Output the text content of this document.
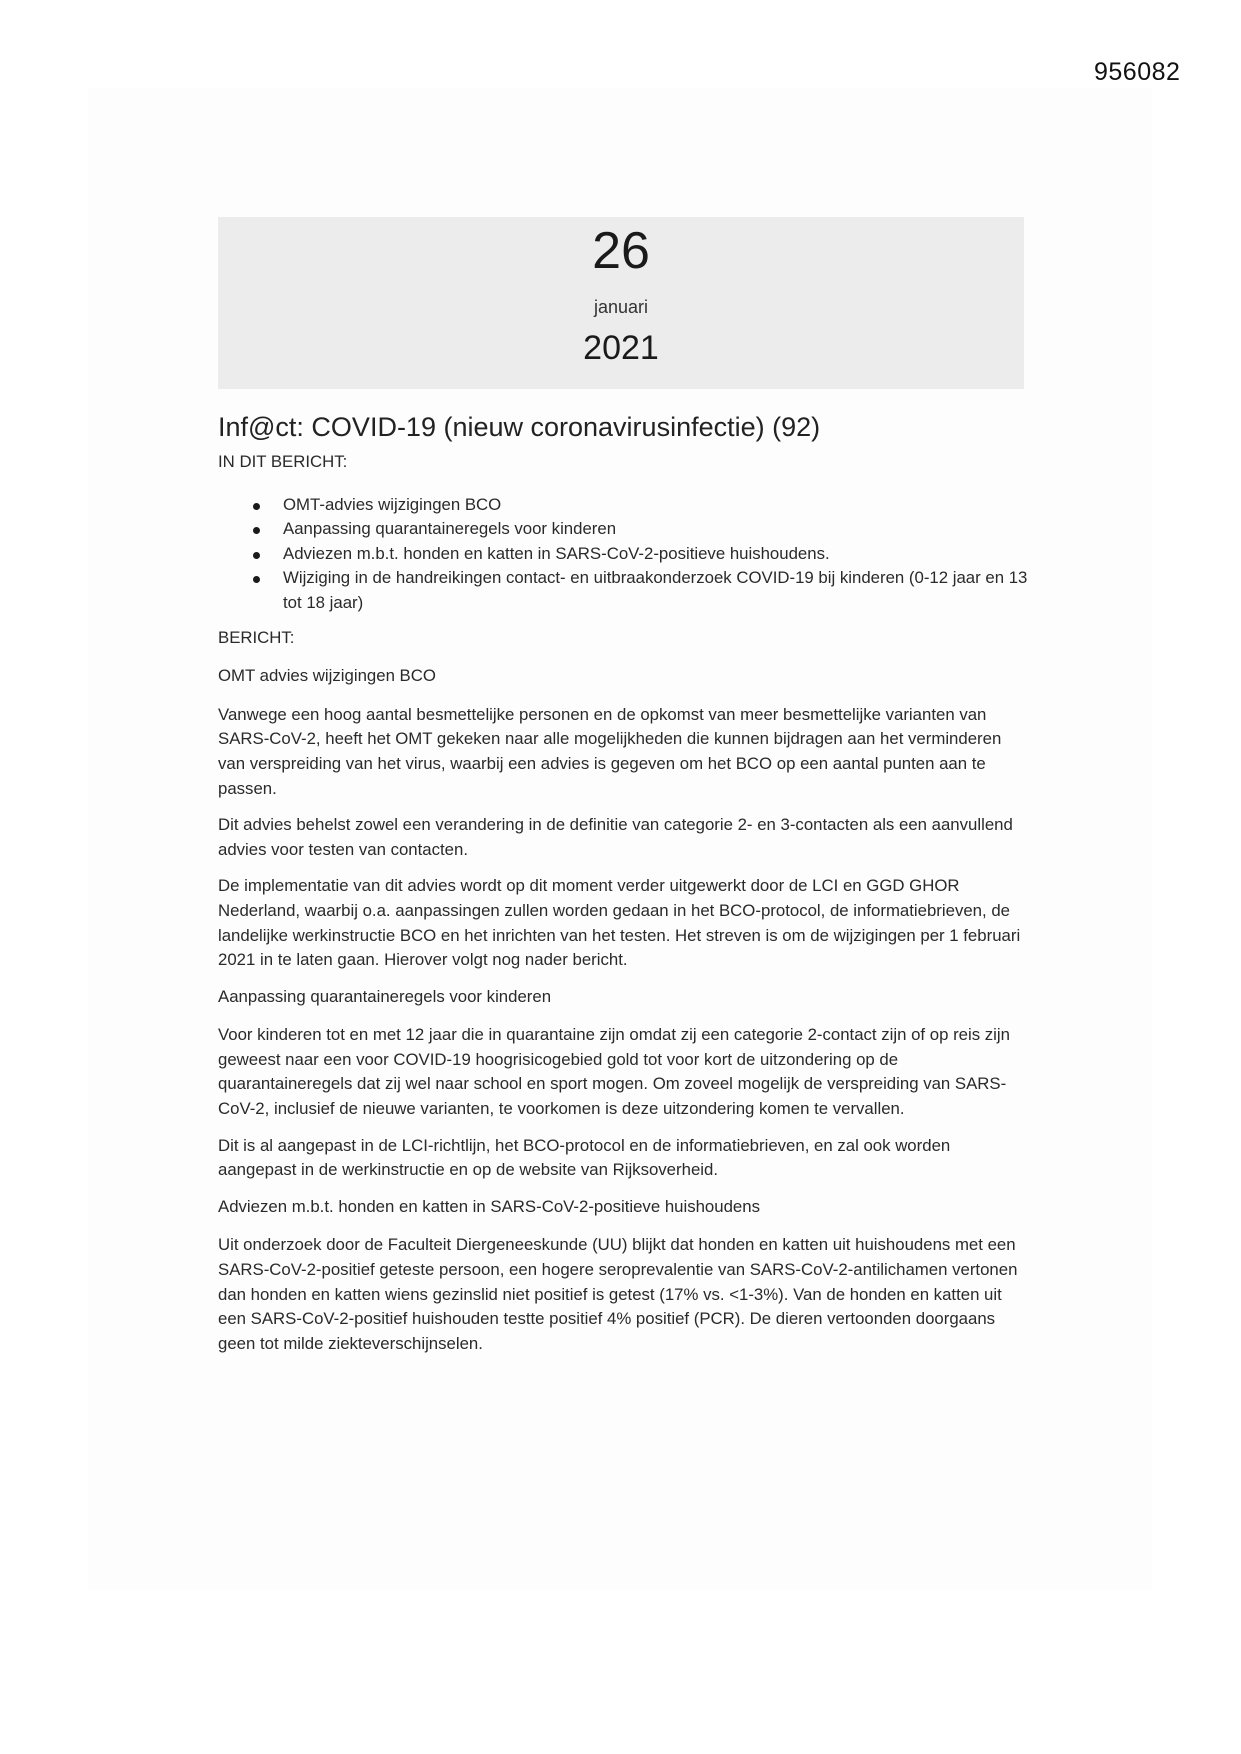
956082
26
januari
2021
Inf@ct: COVID-19 (nieuw coronavirusinfectie) (92)
IN DIT BERICHT:
OMT-advies wijzigingen BCO
Aanpassing quarantaineregels voor kinderen
Adviezen m.b.t. honden en katten in SARS-CoV-2-positieve huishoudens.
Wijziging in de handreikingen contact- en uitbraakonderzoek COVID-19 bij kinderen (0-12 jaar en 13 tot 18 jaar)
BERICHT:
OMT advies wijzigingen BCO

Vanwege een hoog aantal besmettelijke personen en de opkomst van meer besmettelijke varianten van SARS-CoV-2, heeft het OMT gekeken naar alle mogelijkheden die kunnen bijdragen aan het verminderen van verspreiding van het virus, waarbij een advies is gegeven om het BCO op een aantal punten aan te passen.

Dit advies behelst zowel een verandering in de definitie van categorie 2- en 3-contacten als een aanvullend advies voor testen van contacten.

De implementatie van dit advies wordt op dit moment verder uitgewerkt door de LCI en GGD GHOR Nederland, waarbij o.a. aanpassingen zullen worden gedaan in het BCO-protocol, de informatiebrieven, de landelijke werkinstructie BCO en het inrichten van het testen. Het streven is om de wijzigingen per 1 februari 2021 in te laten gaan. Hierover volgt nog nader bericht.

Aanpassing quarantaineregels voor kinderen

Voor kinderen tot en met 12 jaar die in quarantaine zijn omdat zij een categorie 2-contact zijn of op reis zijn geweest naar een voor COVID-19 hoogrisicogebied gold tot voor kort de uitzondering op de quarantaineregels dat zij wel naar school en sport mogen. Om zoveel mogelijk de verspreiding van SARS-CoV-2, inclusief de nieuwe varianten, te voorkomen is deze uitzondering komen te vervallen.

Dit is al aangepast in de LCI-richtlijn, het BCO-protocol en de informatiebrieven, en zal ook worden aangepast in de werkinstructie en op de website van Rijksoverheid.

Adviezen m.b.t. honden en katten in SARS-CoV-2-positieve huishoudens

Uit onderzoek door de Faculteit Diergeneeskunde (UU) blijkt dat honden en katten uit huishoudens met een SARS-CoV-2-positief geteste persoon, een hogere seroprevalentie van SARS-CoV-2-antilichamen vertonen dan honden en katten wiens gezinslid niet positief is getest (17% vs. <1-3%). Van de honden en katten uit een SARS-CoV-2-positief huishouden testte positief 4% positief (PCR). De dieren vertoonden doorgaans geen tot milde ziekteverschijnselen.
